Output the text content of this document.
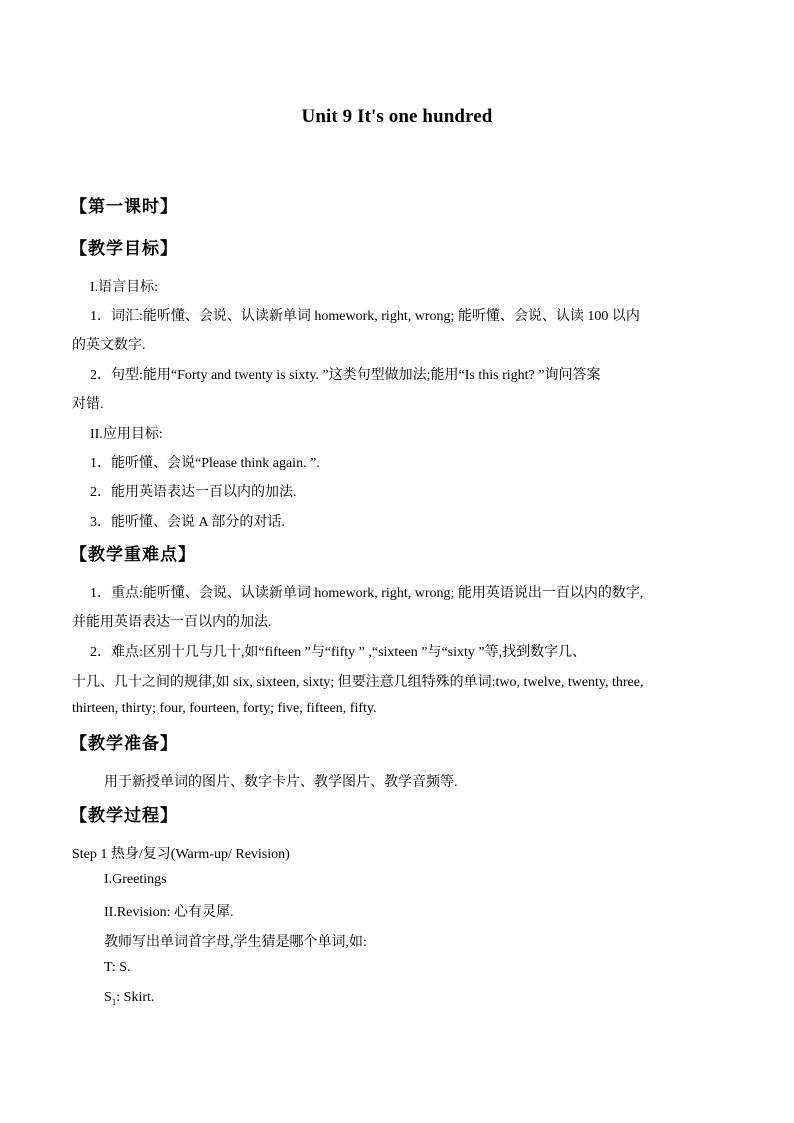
Unit 9 It's one hundred
【第一课时】
【教学目标】
I.语言目标:
1．词汇:能听懂、会说、认读新单词 homework, right, wrong; 能听懂、会说、认读 100 以内
的英文数字.
2．句型:能用“Forty and twenty is sixty. ”这类句型做加法;能用“Is this right? ”询问答案
对错.
II.应用目标:
1．能听懂、会说“Please think again. ”.
2．能用英语表达一百以内的加法.
3．能听懂、会说 A 部分的对话.
【教学重难点】
1．重点:能听懂、会说、认读新单词 homework, right, wrong; 能用英语说出一百以内的数字,
并能用英语表达一百以内的加法.
2．难点:区别十几与几十,如“fifteen ”与“fifty ” ,“sixteen ”与“sixty ”等,找到数字几、
十几、几十之间的规律,如 six, sixteen, sixty; 但要注意几组特殊的单词:two, twelve, twenty, three,
thirteen, thirty; four, fourteen, forty; five, fifteen, fifty.
【教学准备】
用于新授单词的图片、数字卡片、教学图片、教学音频等.
【教学过程】
Step 1 热身/复习(Warm-up/ Revision)
I.Greetings
II.Revision: 心有灵犀.
教师写出单词首字母,学生猜是哪个单词,如:
T: S.
$S_1$: Skirt.
